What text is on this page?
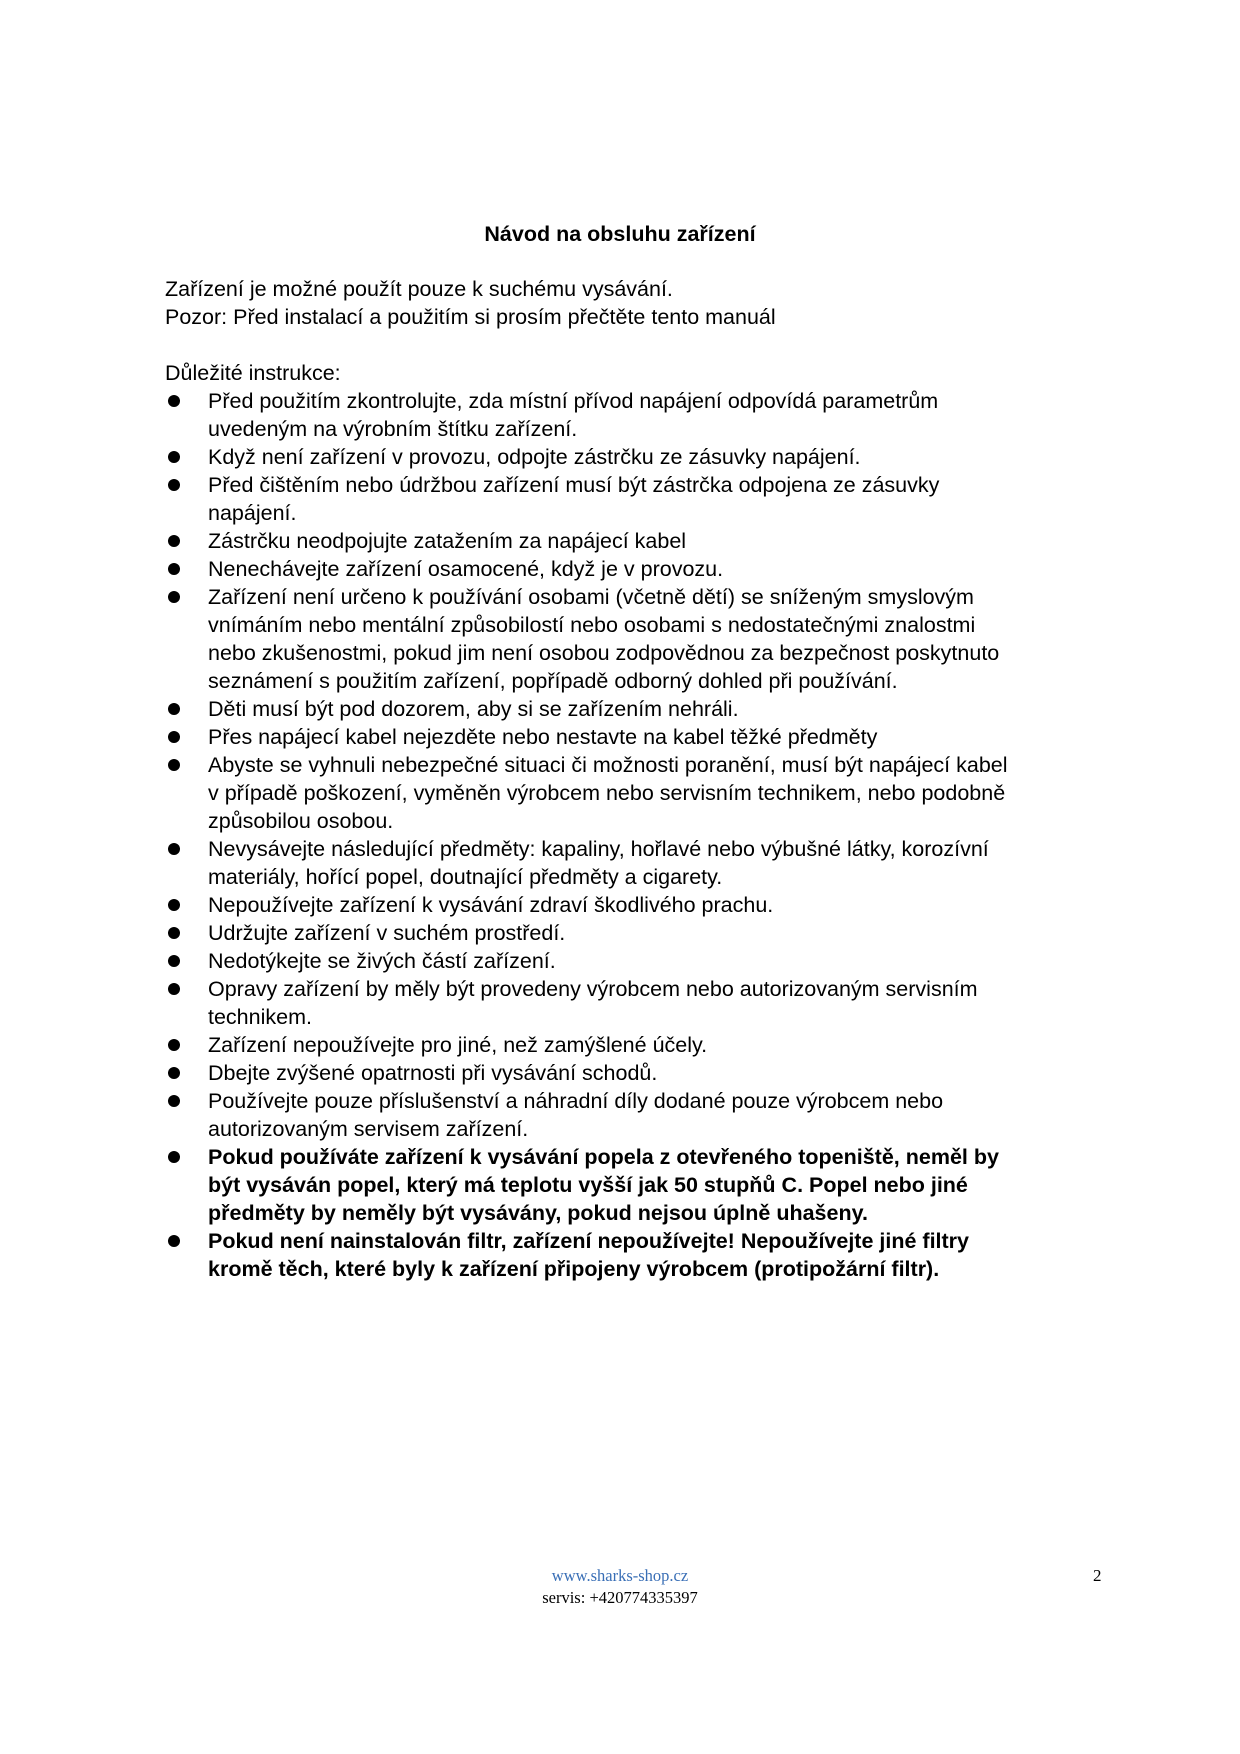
Návod na obsluhu zařízení
Zařízení je možné použít pouze k suchému vysávání.
Pozor: Před instalací a použitím si prosím přečtěte tento manuál
Důležité instrukce:
Před použitím zkontrolujte, zda místní přívod napájení odpovídá parametrům
uvedeným na výrobním štítku zařízení.
Když není zařízení v provozu, odpojte zástrčku ze zásuvky napájení.
Před čištěním nebo údržbou zařízení musí být zástrčka odpojena ze zásuvky
napájení.
Zástrčku neodpojujte zatažením za napájecí kabel
Nenechávejte zařízení osamocené, když je v provozu.
Zařízení není určeno k používání osobami (včetně dětí) se sníženým smyslovým
vnímáním nebo mentální způsobilostí nebo osobami s nedostatečnými znalostmi
nebo zkušenostmi, pokud jim není osobou zodpovědnou za bezpečnost poskytnuto
seznámení s použitím zařízení, popřípadě odborný dohled při používání.
Děti musí být pod dozorem, aby si se zařízením nehráli.
Přes napájecí kabel nejezděte nebo nestavte na kabel těžké předměty
Abyste se vyhnuli nebezpečné situaci či možnosti poranění, musí být napájecí kabel
v případě poškození, vyměněn výrobcem nebo servisním technikem, nebo podobně
způsobilou osobou.
Nevysávejte následující předměty: kapaliny, hořlavé nebo výbušné látky, korozívní
materiály, hořící popel, doutnající předměty a cigarety.
Nepoužívejte zařízení k vysávání zdraví škodlivého prachu.
Udržujte zařízení v suchém prostředí.
Nedotýkejte se živých částí zařízení.
Opravy zařízení by měly být provedeny výrobcem nebo autorizovaným servisním
technikem.
Zařízení nepoužívejte pro jiné, než zamýšlené účely.
Dbejte zvýšené opatrnosti při vysávání schodů.
Používejte pouze příslušenství a náhradní díly dodané pouze výrobcem nebo
autorizovaným servisem zařízení.
Pokud používáte zařízení k vysávání popela z otevřeného topeniště, neměl by
být vysáván popel, který má teplotu vyšší jak 50 stupňů C. Popel nebo jiné
předměty by neměly být vysávány, pokud nejsou úplně uhašeny.
Pokud není nainstalován filtr, zařízení nepoužívejte! Nepoužívejte jiné filtry
kromě těch, které byly k zařízení připojeny výrobcem (protipožární filtr).
www.sharks-shop.cz
servis: +420774335397
2
